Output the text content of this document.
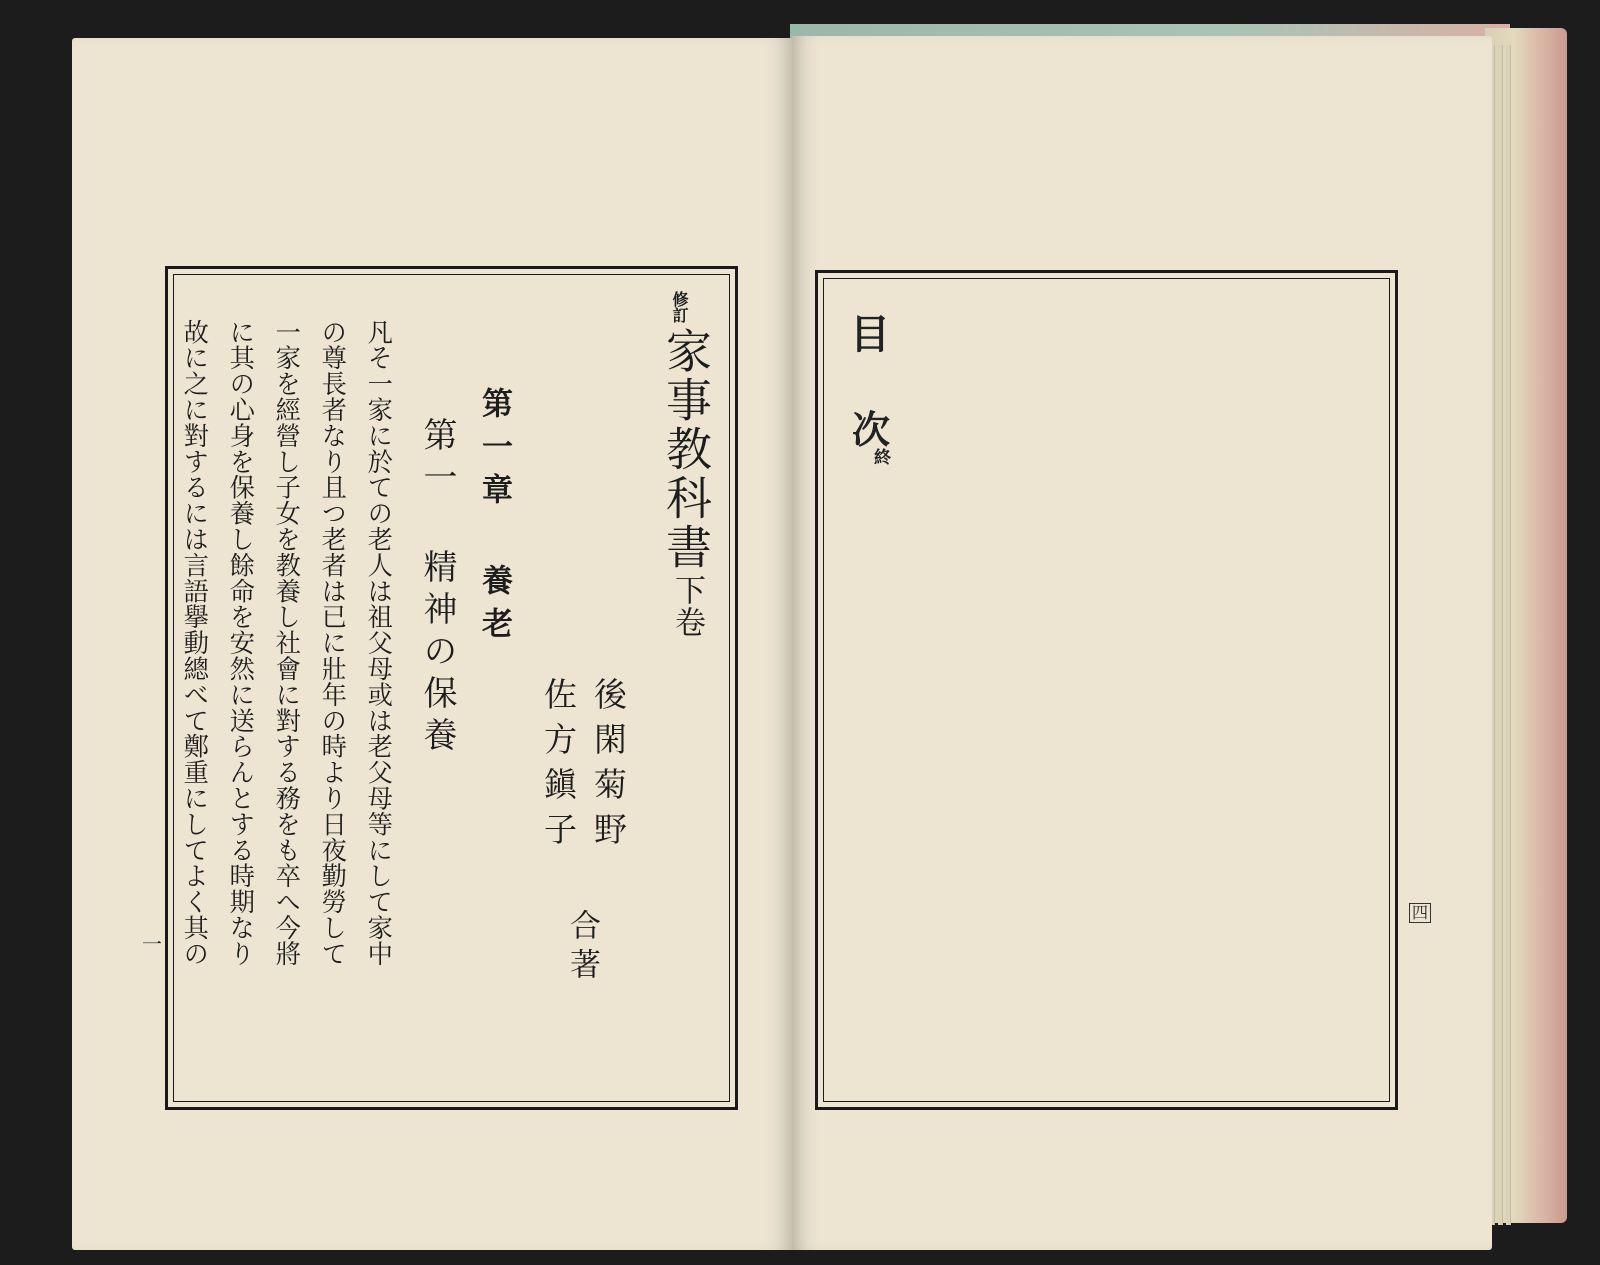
修訂
家事教科書
下卷
後閑菊野
佐方鎭子
合著
第一章 養老
第一 精神の保養
凡そ一家に於ての老人は祖父母或は老父母等にして家中
の尊長者なり且つ老者は已に壯年の時より日夜勤勞して
一家を經營し子女を教養し社會に對する務をも卒へ今將
に其の心身を保養し餘命を安然に送らんとする時期なり
故に之に對するには言語擧動總べて鄭重にしてよく其の
一
目
次
終
四
